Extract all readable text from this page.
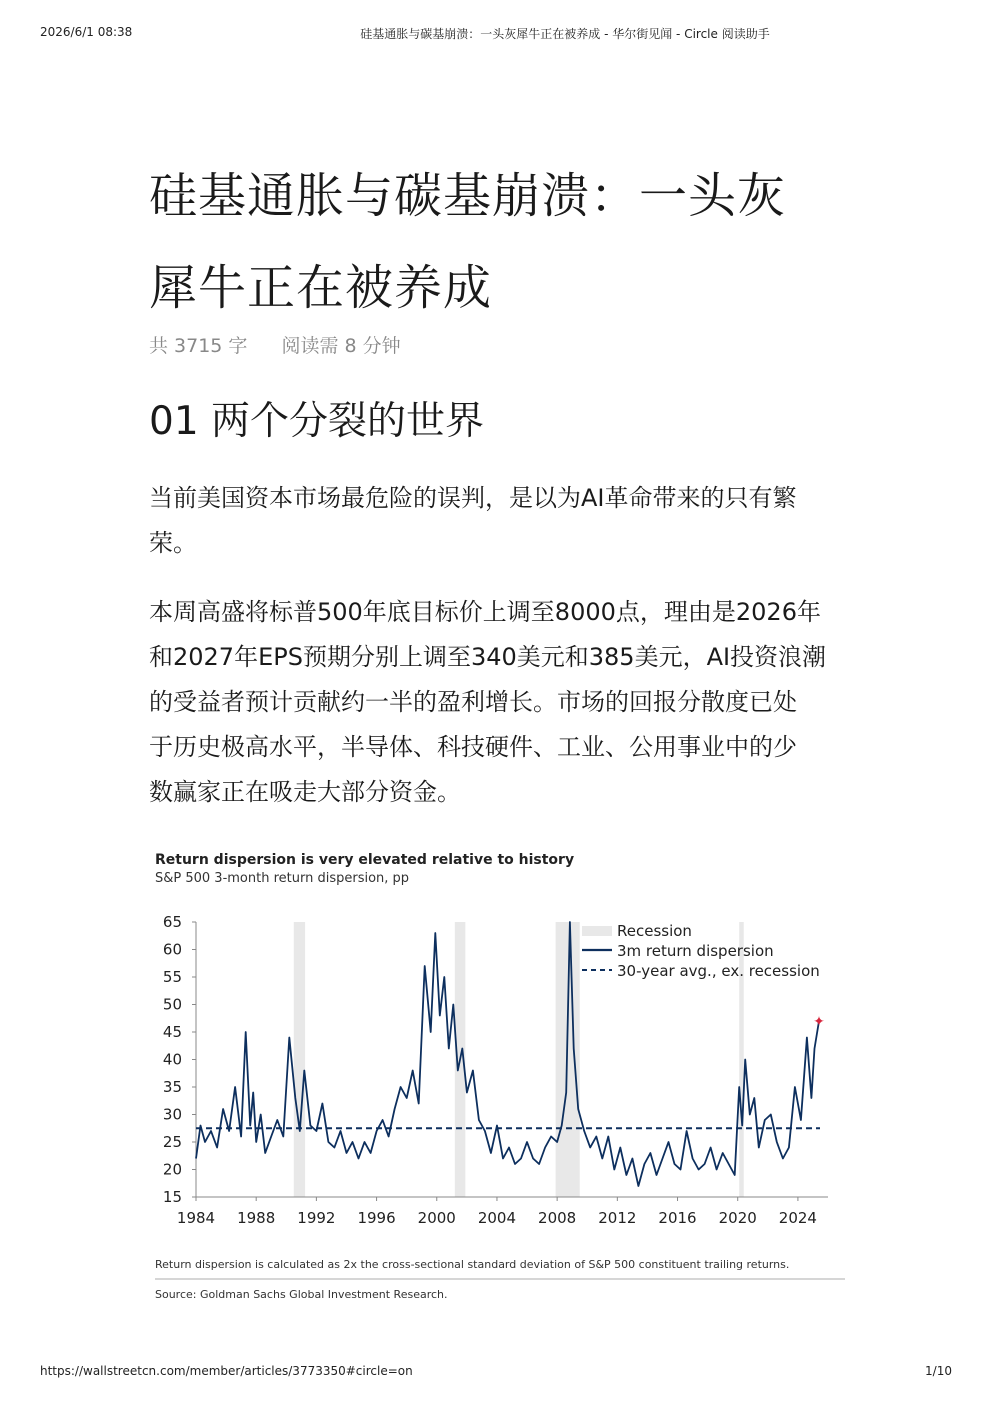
2026/6/1 08:38	硅基通胀与碳基崩溃：一头灰犀牛正在被养成 - 华尔街见闻 - Circle 阅读助手
硅基通胀与碳基崩溃：一头灰
犀牛正在被养成
共 3715 字 阅读需 8 分钟
01 两个分裂的世界

当前美国资本市场最危险的误判，是以为AI革命带来的只有繁
荣。

本周高盛将标普500年底目标价上调至8000点，理由是2026年
和2027年EPS预期分别上调至340美元和385美元，AI投资浪潮
的受益者预计贡献约一半的盈利增长。市场的回报分散度已处
于历史极高水平，半导体、科技硬件、工业、公用事业中的少
数赢家正在吸走大部分资金。

Return dispersion is very elevated relative to history
S&P 500 3-month return dispersion, pp
15
20
25
30
35
40
45
50
55
60
65
1984 1988 1992 1996 2000 2004 2008 2012 2016 2020 2024
✦
Recession
3m return dispersion
30-year avg., ex. recession
Return dispersion is calculated as 2x the cross-sectional standard deviation of S&P 500 constituent trailing returns.
Source: Goldman Sachs Global Investment Research.
https://wallstreetcn.com/member/articles/3773350#circle=on	1/10
